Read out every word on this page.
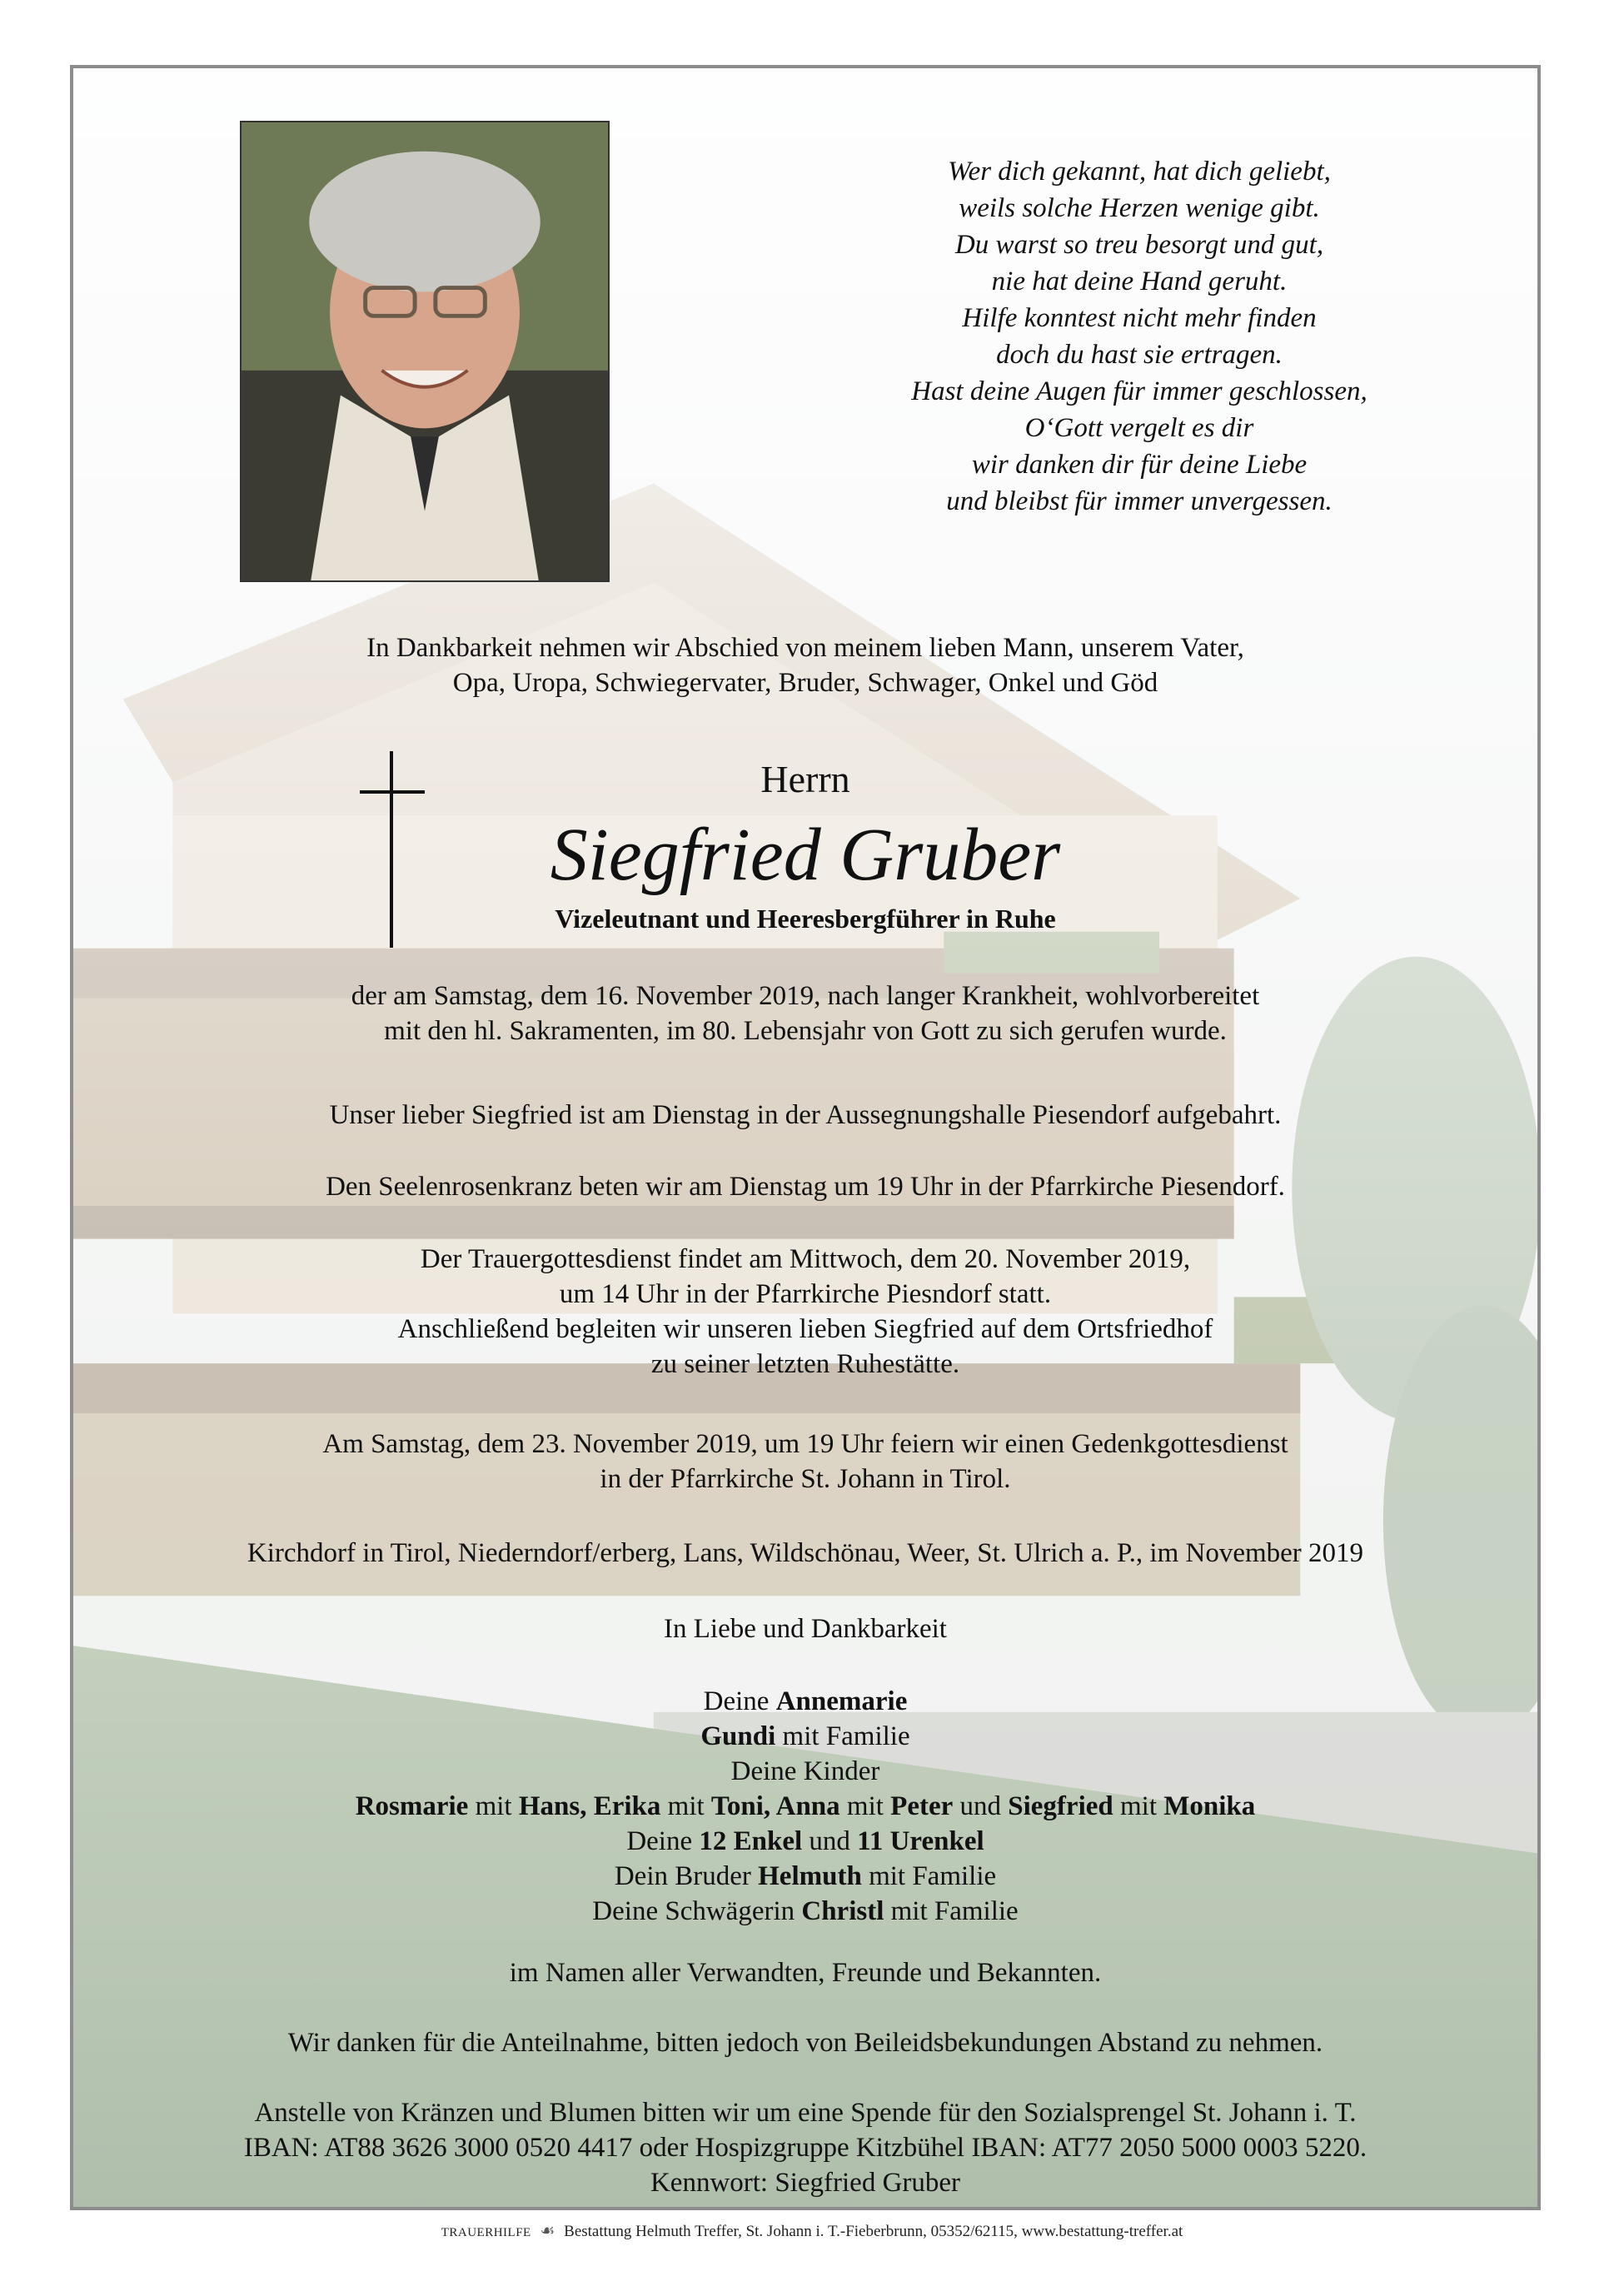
Wer dich gekannt, hat dich geliebt,
weils solche Herzen wenige gibt.
Du warst so treu besorgt und gut,
nie hat deine Hand geruht.
Hilfe konntest nicht mehr finden
doch du hast sie ertragen.
Hast deine Augen für immer geschlossen,
O‘Gott vergelt es dir
wir danken dir für deine Liebe
und bleibst für immer unvergessen.
In Dankbarkeit nehmen wir Abschied von meinem lieben Mann, unserem Vater,
Opa, Uropa, Schwiegervater, Bruder, Schwager, Onkel und Göd
Herrn
Siegfried Gruber
Vizeleutnant und Heeresbergführer in Ruhe
der am Samstag, dem 16. November 2019, nach langer Krankheit, wohlvorbereitet
mit den hl. Sakramenten, im 80. Lebensjahr von Gott zu sich gerufen wurde.
Unser lieber Siegfried ist am Dienstag in der Aussegnungshalle Piesendorf aufgebahrt.
Den Seelenrosenkranz beten wir am Dienstag um 19 Uhr in der Pfarrkirche Piesendorf.
Der Trauergottesdienst findet am Mittwoch, dem 20. November 2019,
um 14 Uhr in der Pfarrkirche Piesndorf statt.
Anschließend begleiten wir unseren lieben Siegfried auf dem Ortsfriedhof
zu seiner letzten Ruhestätte.
Am Samstag, dem 23. November 2019, um 19 Uhr feiern wir einen Gedenkgottesdienst
in der Pfarrkirche St. Johann in Tirol.
Kirchdorf in Tirol, Niederndorf/erberg, Lans, Wildschönau, Weer, St. Ulrich a. P., im November 2019
In Liebe und Dankbarkeit
Deine Annemarie
Gundi mit Familie
Deine Kinder
Rosmarie mit Hans, Erika mit Toni, Anna mit Peter und Siegfried mit Monika
Deine 12 Enkel und 11 Urenkel
Dein Bruder Helmuth mit Familie
Deine Schwägerin Christl mit Familie
im Namen aller Verwandten, Freunde und Bekannten.
Wir danken für die Anteilnahme, bitten jedoch von Beileidsbekundungen Abstand zu nehmen.
Anstelle von Kränzen und Blumen bitten wir um eine Spende für den Sozialsprengel St. Johann i. T.
IBAN: AT88 3626 3000 0520 4417 oder Hospizgruppe Kitzbühel IBAN: AT77 2050 5000 0003 5220.
Kennwort: Siegfried Gruber
TRAUERHILFE ☙ Bestattung Helmuth Treffer, St. Johann i. T.-Fieberbrunn, 05352/62115, www.bestattung-treffer.at
